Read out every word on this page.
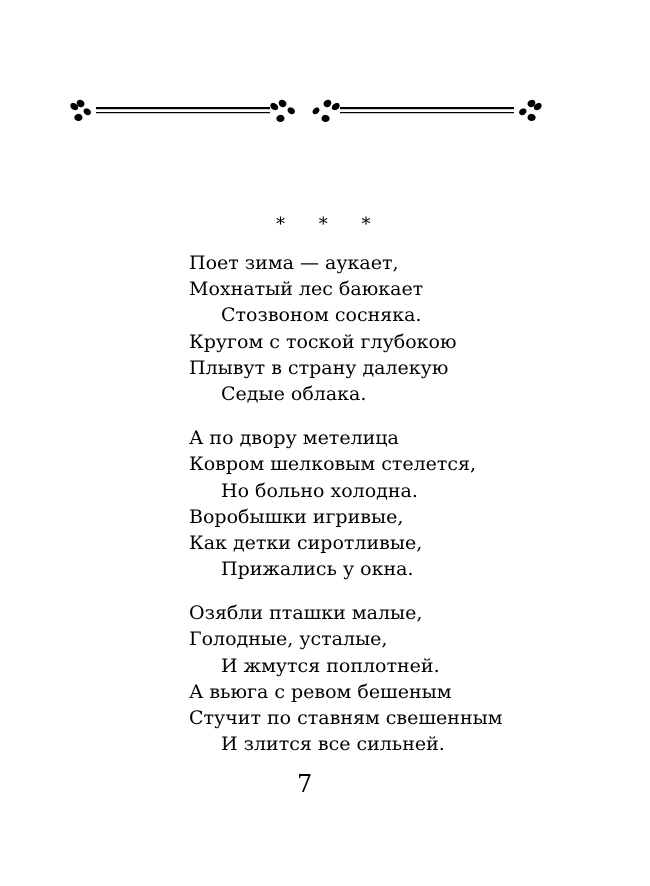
* * *
Поет зима — аукает,
Мохнатый лес баюкает
Стозвоном сосняка.
Кругом с тоской глубокою
Плывут в страну далекую
Седые облака.
А по двору метелица
Ковром шелковым стелется,
Но больно холодна.
Воробышки игривые,
Как детки сиротливые,
Прижались у окна.
Озябли пташки малые,
Голодные, усталые,
И жмутся поплотней.
А вьюга с ревом бешеным
Стучит по ставням свешенным
И злится все сильней.
7
